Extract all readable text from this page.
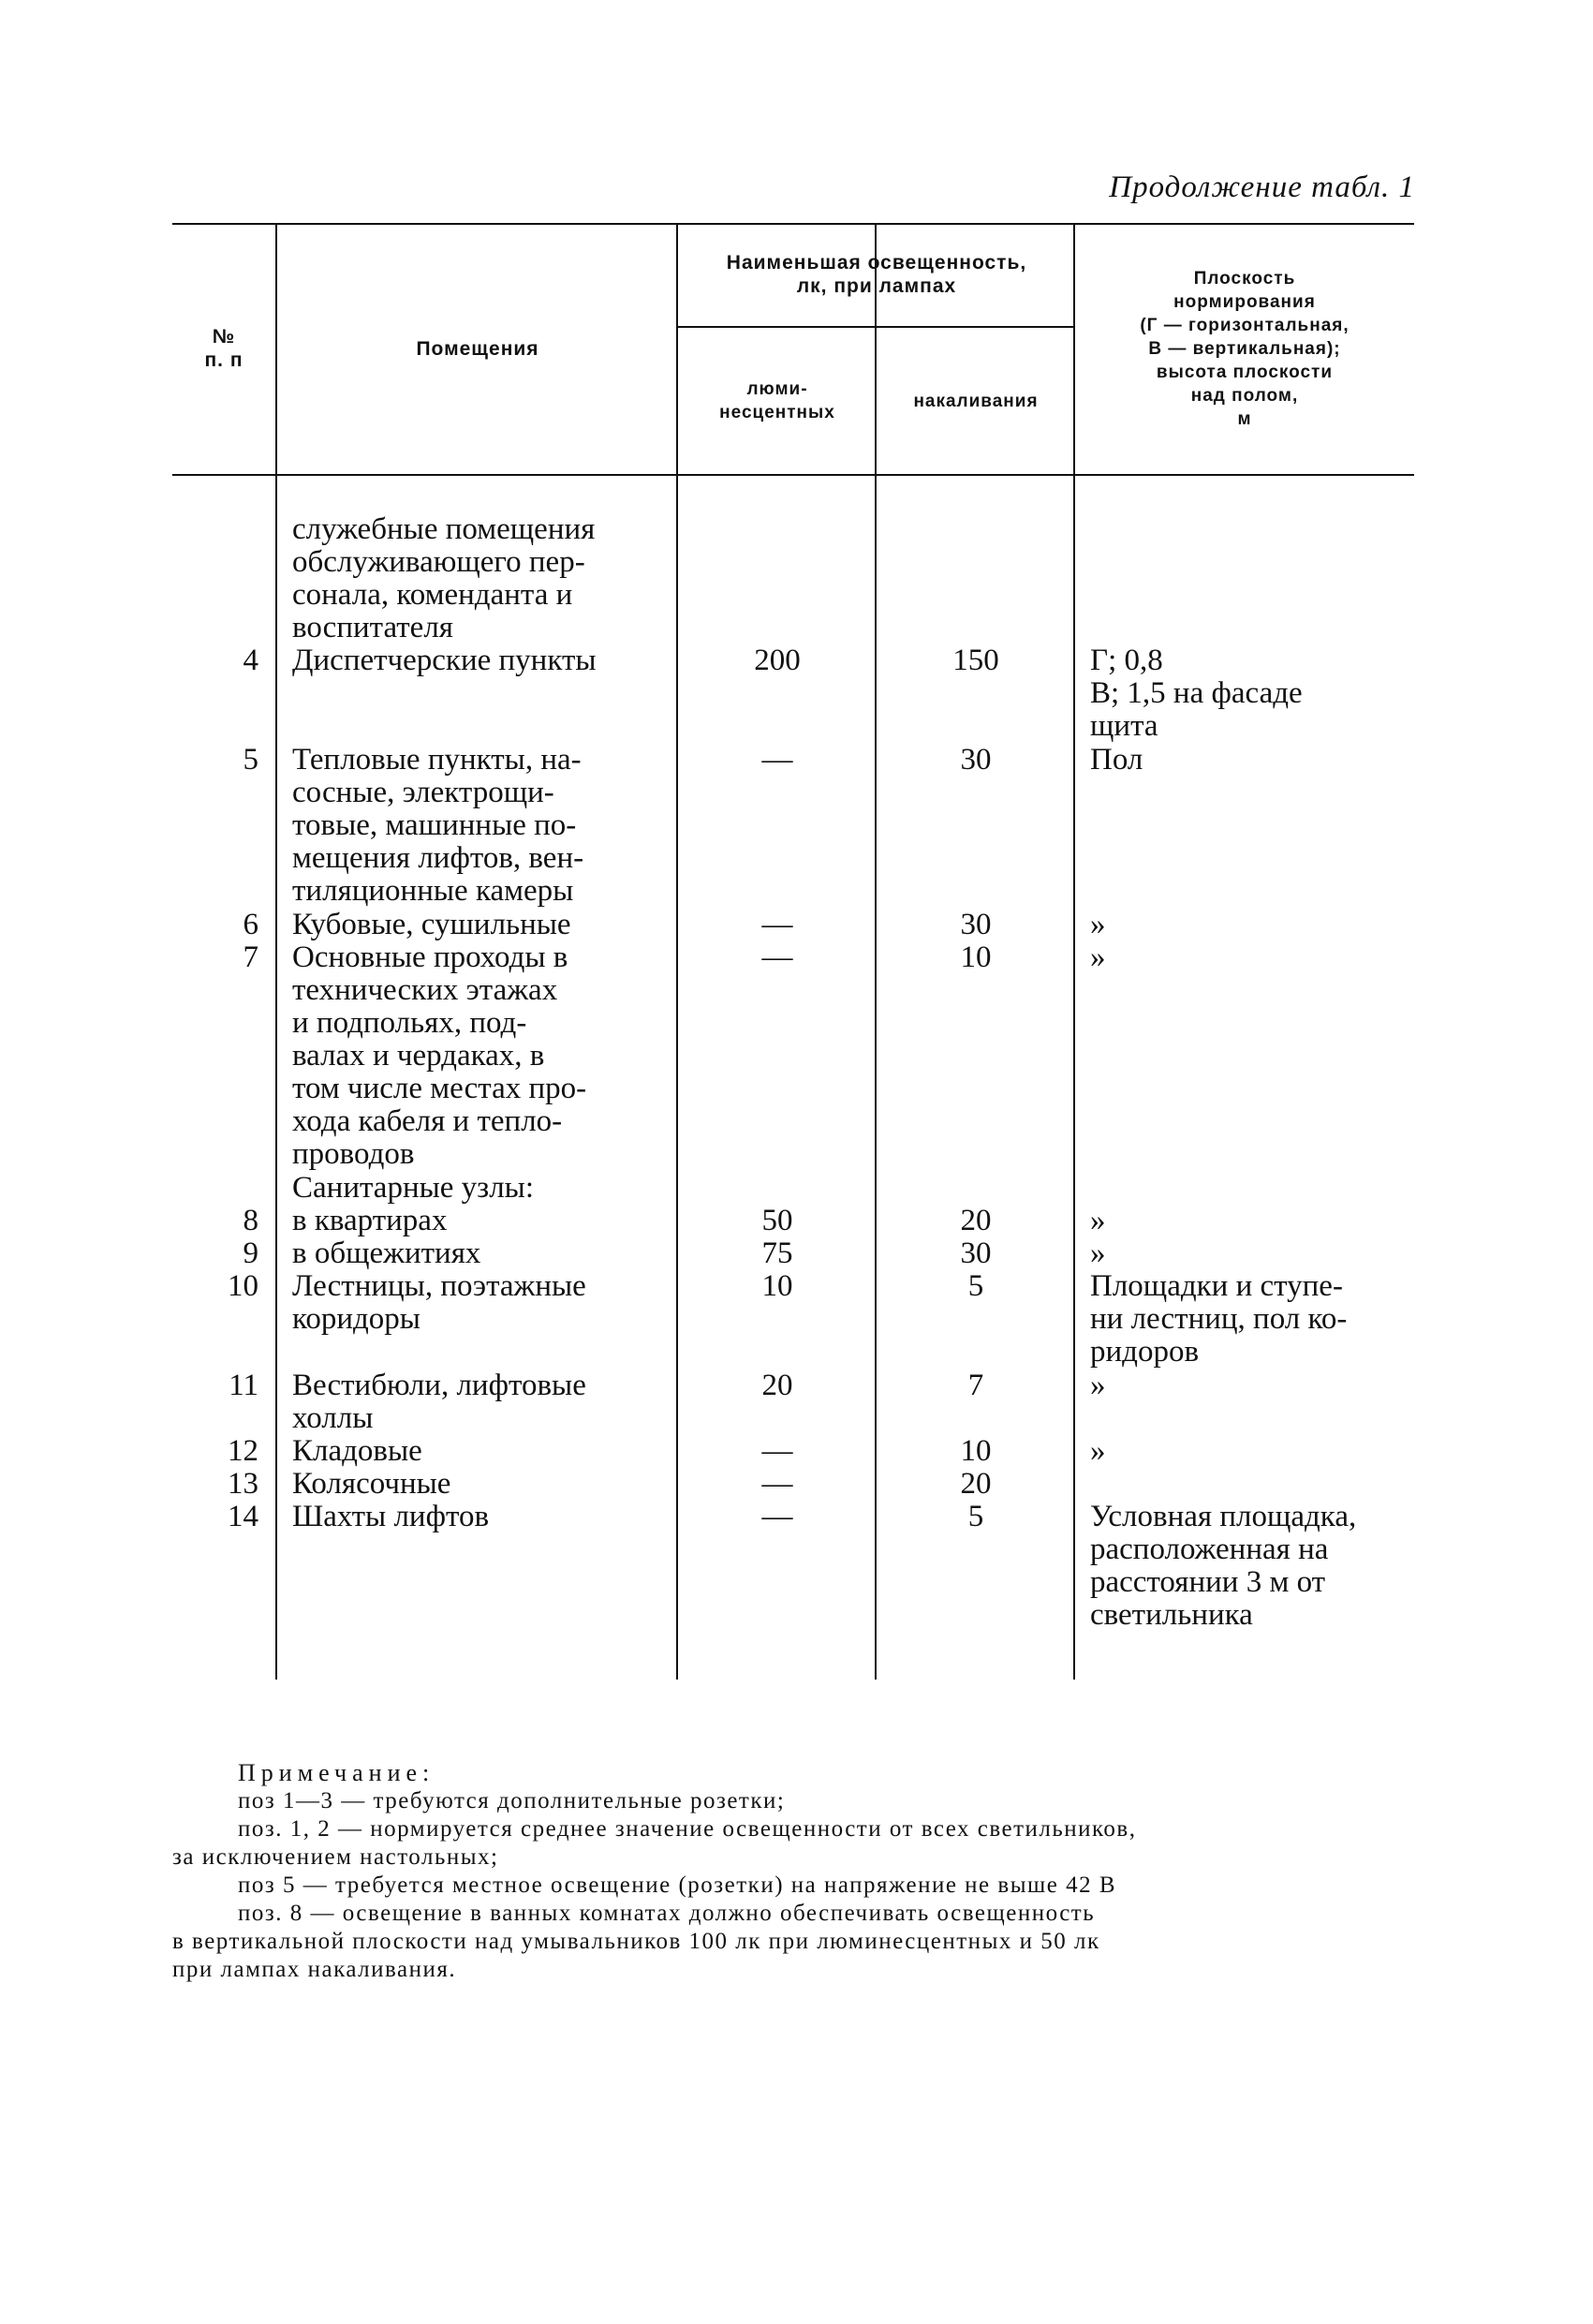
Продолжение табл. 1

№
п. п
Помещения
Наименьшая освещенность,
лк, при лампах
люми-
несцентных
накаливания
Плоскость
нормирования
(Г — горизонтальная,
В — вертикальная);
высота плоскости
над полом,
м
служебные помещения
обслуживающего пер-
сонала, коменданта и
воспитателя
4 Диспетчерские пункты	200	150	Г; 0,8
В; 1,5 на фасаде
щита
5 Тепловые пункты, на-
сосные, электрощи-
товые, машинные по-
мещения лифтов, вен-
тиляционные камеры
—	30	Пол
6 Кубовые, сушильные	—	30	»
7 Основные проходы в
технических этажах
и подпольях, под-
валах и чердаках, в
том числе местах про-
хода кабеля и тепло-
проводов
—	10	»
Санитарные узлы:
8 в квартирах	50	20	»
9 в общежитиях	75	30	»
10 Лестницы, поэтажные
коридоры
10	5	Площадки и ступе-
ни лестниц, пол ко-
ридоров
11 Вестибюли, лифтовые
холлы
20	7	»
12 Кладовые	—	10	»
13 Колясочные	—	20
14 Шахты лифтов	—	5	Условная площадка,
расположенная на
расстоянии 3 м от
светильника

Примечание:

поз 1—3 — требуются дополнительные розетки;

поз. 1, 2 — нормируется среднее значение освещенности от всех светильников,
за исключением настольных;

поз 5 — требуется местное освещение (розетки) на напряжение не выше 42 В

поз. 8 — освещение в ванных комнатах должно обеспечивать освещенность
в вертикальной плоскости над умывальников 100 лк при люминесцентных и 50 лк
при лампах накаливания.
